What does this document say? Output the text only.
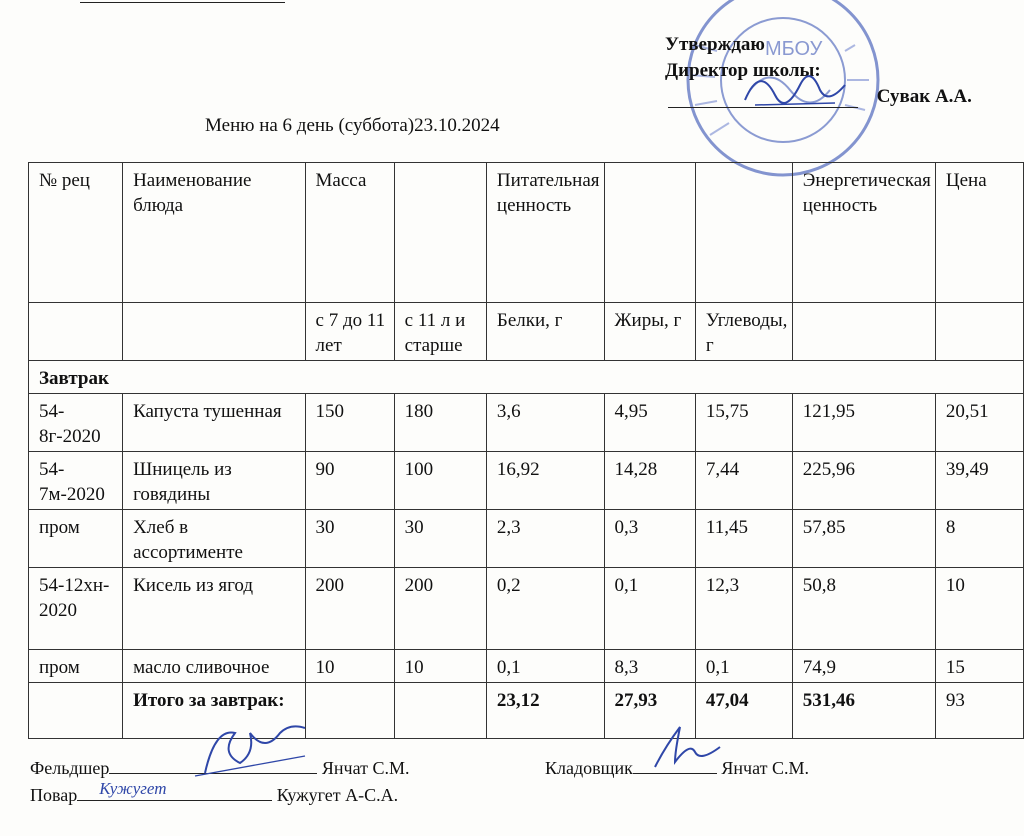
МБОУ
Утверждаю
Директор школы:
Сувак А.А.
Меню на 6 день (суббота)23.10.2024
№ рец	Наименование блюда	Масса		Питательная ценность			Энергетическая ценность	Цена
		с 7 до 11 лет	с 11 л и старше	Белки, г	Жиры, г	Углеводы, г		
Завтрак								
54-8г-2020	Капуста тушенная	150	180	3,6	4,95	15,75	121,95	20,51
54-7м-2020	Шницель из говядины	90	100	16,92	14,28	7,44	225,96	39,49
пром	Хлеб в ассортименте	30	30	2,3	0,3	11,45	57,85	8
54-12хн-2020	Кисель из ягод	200	200	0,2	0,1	12,3	50,8	10
пром	масло сливочное	10	10	0,1	8,3	0,1	74,9	15
	Итого за завтрак:			23,12	27,93	47,04	531,46	93
Фельдшер	Янчат С.М.	Кладовщик	Янчат С.М.
Повар Кужугет	Кужугет А-С.А.
